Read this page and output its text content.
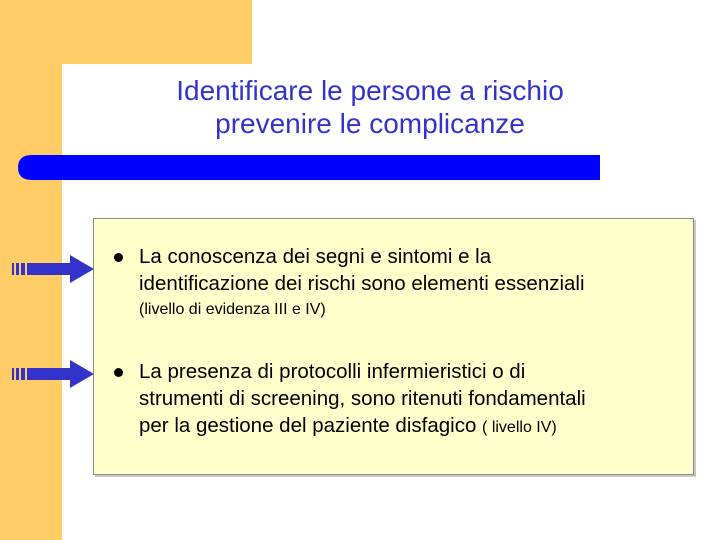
Identificare le persone a rischio
prevenire le complicanze
La conoscenza dei segni e sintomi e la
identificazione dei rischi sono elementi essenziali
(livello di evidenza III e IV)
La presenza di protocolli infermieristici o di
strumenti di screening, sono ritenuti fondamentali
per la gestione del paziente disfagico ( livello IV)
